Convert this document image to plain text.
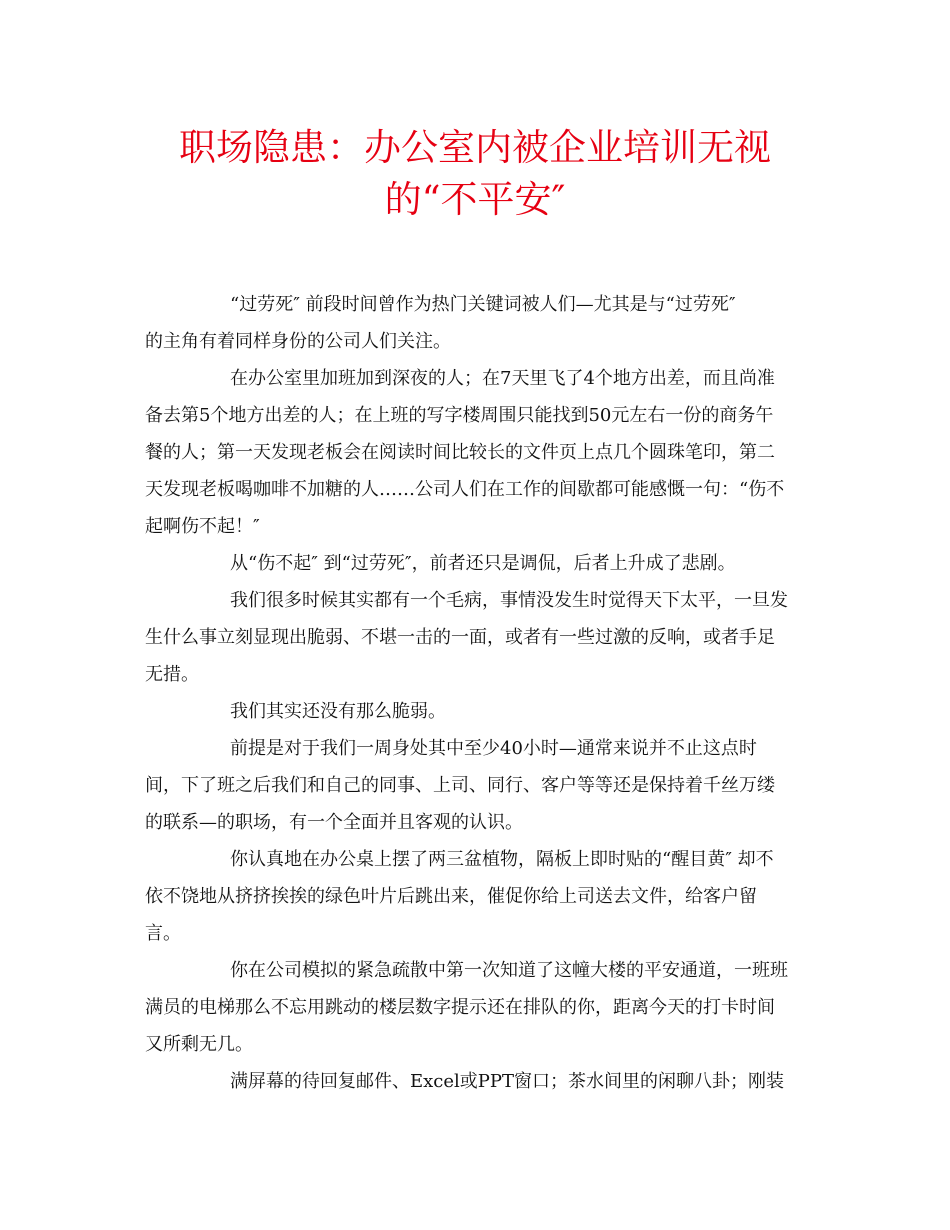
职场隐患：办公室内被企业培训无视
的“不平安″

“过劳死″ 前段时间曾作为热门关键词被人们—尤其是与“过劳死″
的主角有着同样身份的公司人们关注。

在办公室里加班加到深夜的人；在7天里飞了4个地方出差，而且尚准
备去第5个地方出差的人；在上班的写字楼周围只能找到50元左右一份的商务午
餐的人；第一天发现老板会在阅读时间比较长的文件页上点几个圆珠笔印，第二
天发现老板喝咖啡不加糖的人……公司人们在工作的间歇都可能感慨一句：“伤不
起啊伤不起！″

从“伤不起″ 到“过劳死″，前者还只是调侃，后者上升成了悲剧。

我们很多时候其实都有一个毛病，事情没发生时觉得天下太平，一旦发
生什么事立刻显现出脆弱、不堪一击的一面，或者有一些过激的反响，或者手足
无措。

我们其实还没有那么脆弱。

前提是对于我们一周身处其中至少40小时—通常来说并不止这点时
间，下了班之后我们和自己的同事、上司、同行、客户等等还是保持着千丝万缕
的联系—的职场，有一个全面并且客观的认识。

你认真地在办公桌上摆了两三盆植物，隔板上即时贴的“醒目黄″ 却不
依不饶地从挤挤挨挨的绿色叶片后跳出来，催促你给上司送去文件，给客户留
言。

你在公司模拟的紧急疏散中第一次知道了这幢大楼的平安通道，一班班
满员的电梯那么不忘用跳动的楼层数字提示还在排队的你，距离今天的打卡时间
又所剩无几。

满屏幕的待回复邮件、Excel或PPT窗口；茶水间里的闲聊八卦；刚装
